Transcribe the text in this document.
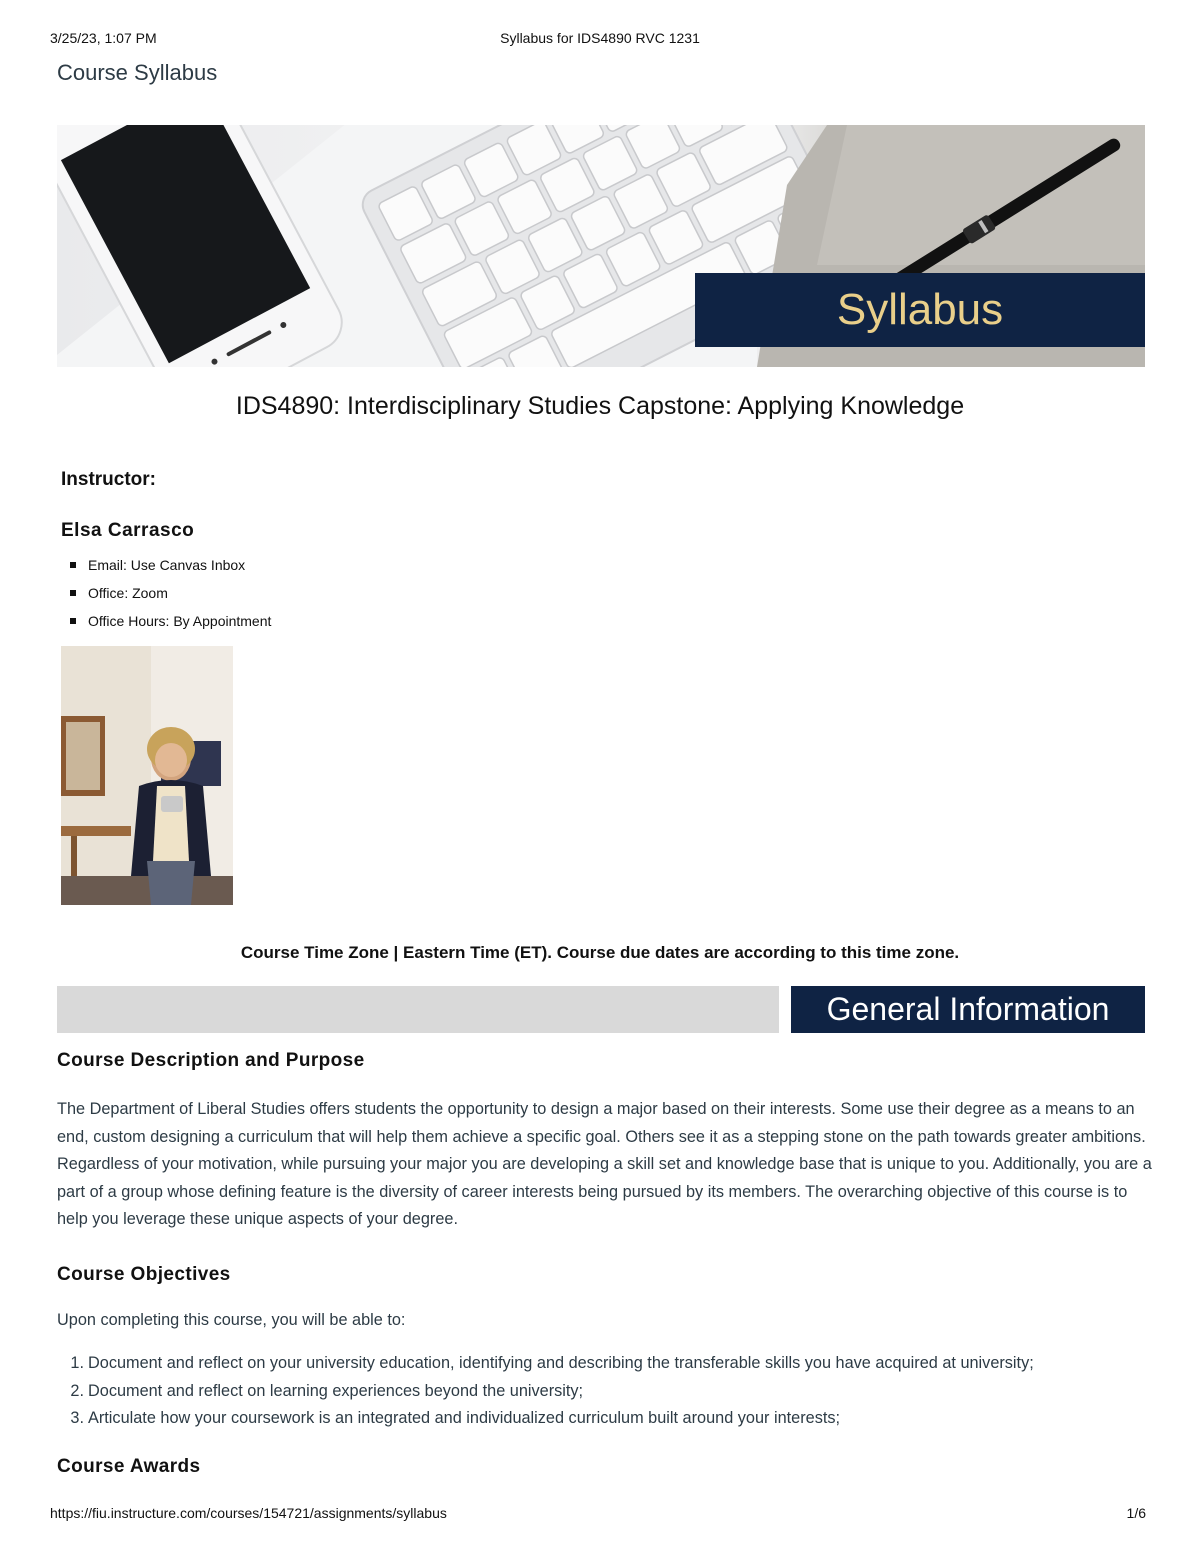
3/25/23, 1:07 PM	Syllabus for IDS4890 RVC 1231
Course Syllabus
Syllabus
IDS4890: Interdisciplinary Studies Capstone: Applying Knowledge
Instructor:
Elsa Carrasco
Email: Use Canvas Inbox
Office: Zoom
Office Hours: By Appointment

Course Time Zone | Eastern Time (ET). Course due dates are according to this time zone.

General Information
Course Description and Purpose

The Department of Liberal Studies offers students the opportunity to design a major based on their interests. Some use their degree as a means to an end, custom designing a curriculum that will help them achieve a specific goal. Others see it as a stepping stone on the path towards greater ambitions. Regardless of your motivation, while pursuing your major you are developing a skill set and knowledge base that is unique to you. Additionally, you are a part of a group whose defining feature is the diversity of career interests being pursued by its members. The overarching objective of this course is to help you leverage these unique aspects of your degree.

Course Objectives

Upon completing this course, you will be able to:

1. Document and reflect on your university education, identifying and describing the transferable skills you have acquired at university;
2. Document and reflect on learning experiences beyond the university;
3. Articulate how your coursework is an integrated and individualized curriculum built around your interests;
Course Awards
https://fiu.instructure.com/courses/154721/assignments/syllabus	1/6
